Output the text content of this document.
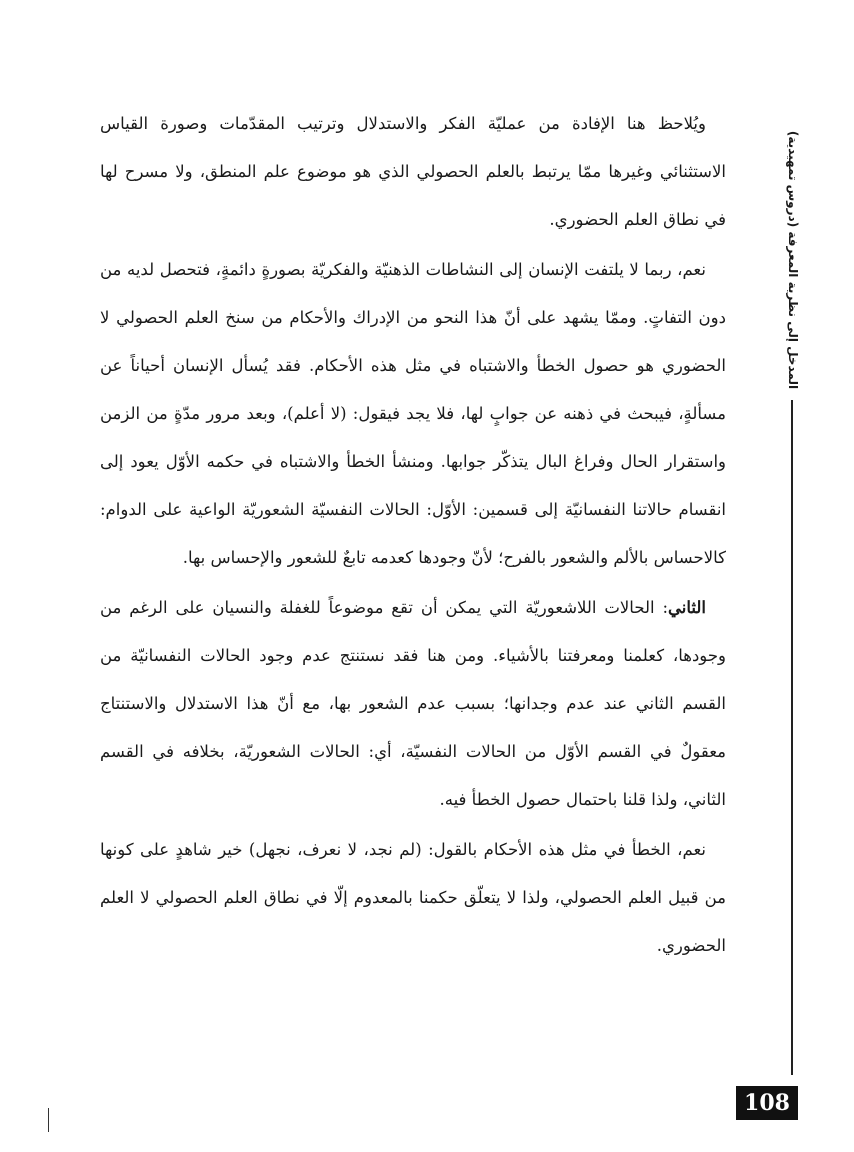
ويُلاحظ هنا الإفادة من عمليّة الفكر والاستدلال وترتيب المقدّمات وصورة القياس الاستثنائي وغيرها ممّا يرتبط بالعلم الحصولي الذي هو موضوع علم المنطق، ولا مسرح لها في نطاق العلم الحضوري.

نعم، ربما لا يلتفت الإنسان إلى النشاطات الذهنيّة والفكريّة بصورةٍ دائمةٍ، فتحصل لديه من دون التفاتٍ. وممّا يشهد على أنّ هذا النحو من الإدراك والأحكام من سنخ العلم الحصولي لا الحضوري هو حصول الخطأ والاشتباه في مثل هذه الأحكام. فقد يُسأل الإنسان أحياناً عن مسألةٍ، فيبحث في ذهنه عن جوابٍ لها، فلا يجد فيقول: (لا أعلم)، وبعد مرور مدّةٍ من الزمن واستقرار الحال وفراغ البال يتذكّر جوابها. ومنشأ الخطأ والاشتباه في حكمه الأوّل يعود إلى انقسام حالاتنا النفسانيّة إلى قسمين: الأوّل: الحالات النفسيّة الشعوريّة الواعية على الدوام: كالاحساس بالألم والشعور بالفرح؛ لأنّ وجودها كعدمه تابعٌ للشعور والإحساس بها.

الثاني: الحالات اللاشعوريّة التي يمكن أن تقع موضوعاً للغفلة والنسيان على الرغم من وجودها، كعلمنا ومعرفتنا بالأشياء. ومن هنا فقد نستنتج عدم وجود الحالات النفسانيّة من القسم الثاني عند عدم وجدانها؛ بسبب عدم الشعور بها، مع أنّ هذا الاستدلال والاستنتاج معقولٌ في القسم الأوّل من الحالات النفسيّة، أي: الحالات الشعوريّة، بخلافه في القسم الثاني، ولذا قلنا باحتمال حصول الخطأ فيه.

نعم، الخطأ في مثل هذه الأحكام بالقول: (لم نجد، لا نعرف، نجهل) خير شاهدٍ على كونها من قبيل العلم الحصولي، ولذا لا يتعلّق حكمنا بالمعدوم إلّا في نطاق العلم الحصولي لا العلم الحضوري.

المدخل إلى نظرية المعرفة (دروس تمهيدية)
108
